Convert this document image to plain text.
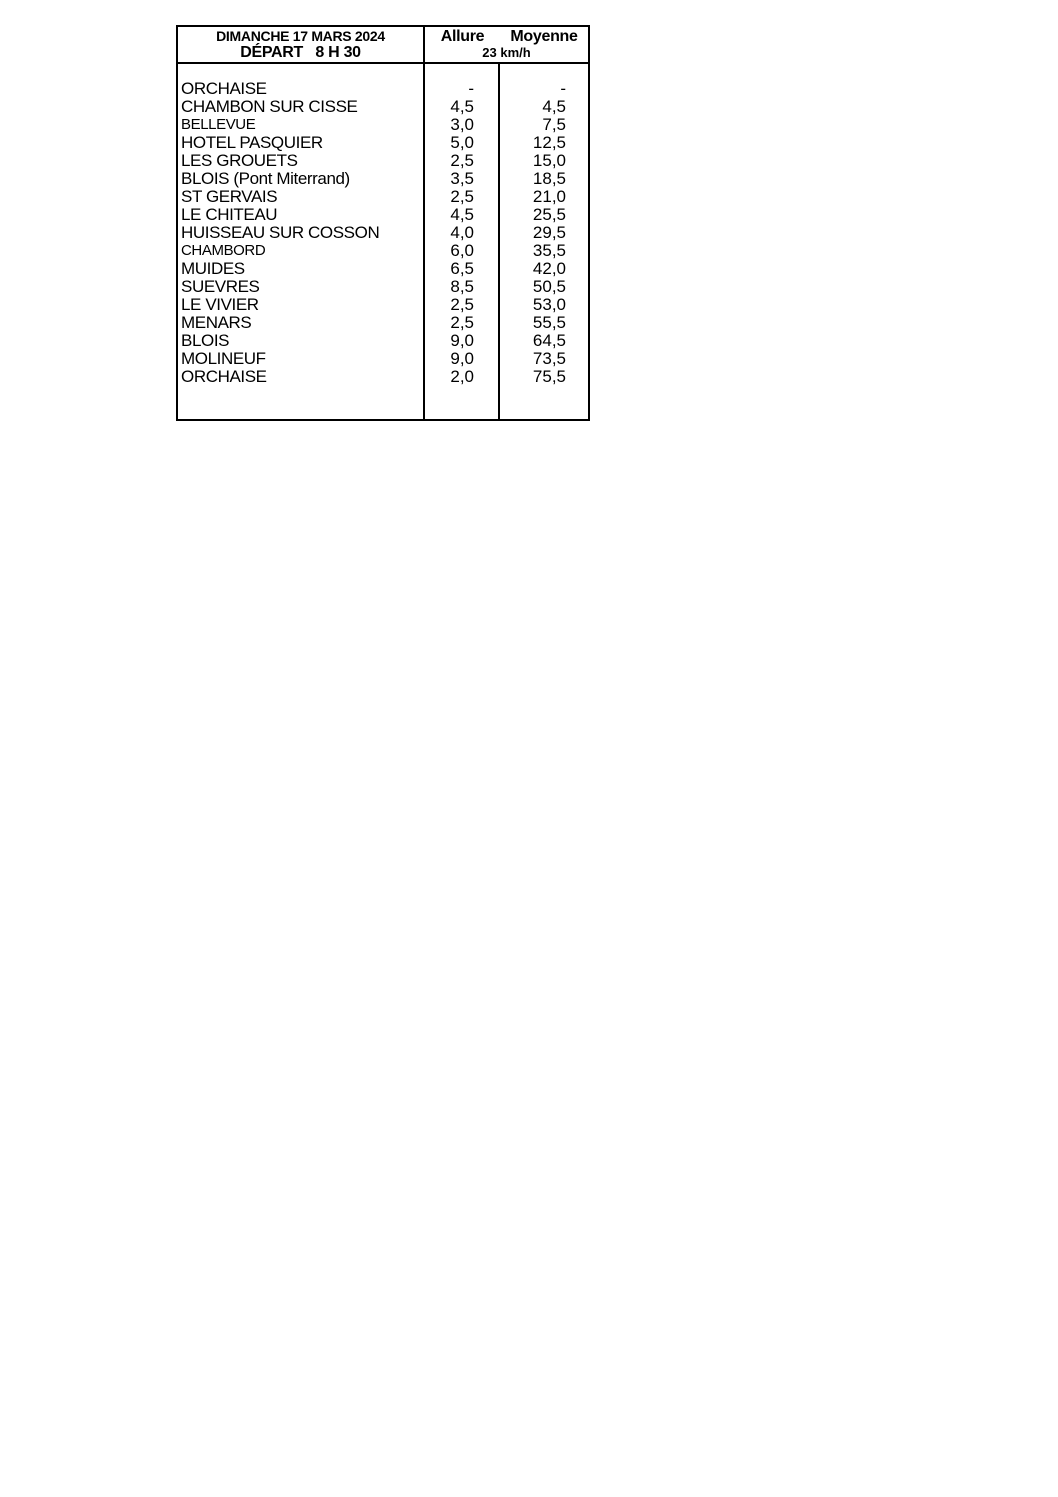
DIMANCHE 17 MARS 2024
DÉPART   8 H 30
Allure	Moyenne
23 km/h
ORCHAISE	-	-
CHAMBON SUR CISSE	4,5	4,5
BELLEVUE	3,0	7,5
HOTEL PASQUIER	5,0	12,5
LES GROUETS	2,5	15,0
BLOIS (Pont Miterrand)	3,5	18,5
ST GERVAIS	2,5	21,0
LE CHITEAU	4,5	25,5
HUISSEAU SUR COSSON	4,0	29,5
CHAMBORD	6,0	35,5
MUIDES	6,5	42,0
SUEVRES	8,5	50,5
LE VIVIER	2,5	53,0
MENARS	2,5	55,5
BLOIS	9,0	64,5
MOLINEUF	9,0	73,5
ORCHAISE	2,0	75,5
